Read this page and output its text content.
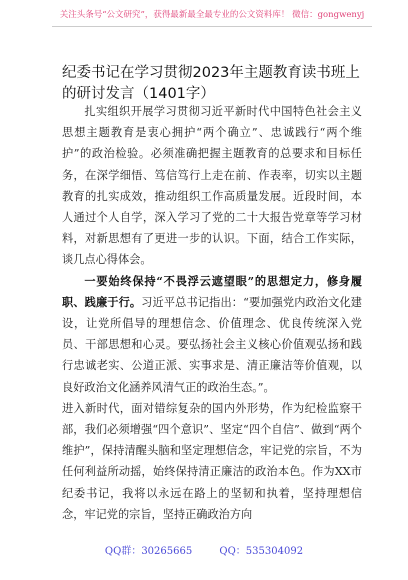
关注头条号“公文研究”，获得最新最全最专业的公文资料库！ 微信：gongwenyj
纪委书记在学习贯彻2023年主题教育读书班上的研讨发言（1401字）

扎实组织开展学习贯彻习近平新时代中国特色社会主义思想主题教育是衷心拥护“两个确立”、忠诚践行“两个维护”的政治检验。必须准确把握主题教育的总要求和目标任务，在深学细悟、笃信笃行上走在前、作表率，切实以主题教育的扎实成效，推动组织工作高质量发展。近段时间，本人通过个人自学，深入学习了党的二十大报告党章等学习材料，对新思想有了更进一步的认识。下面，结合工作实际，谈几点心得体会。

一要始终保持“不畏浮云遮望眼”的思想定力，修身履职、践廉于行。习近平总书记指出：“要加强党内政治文化建设，让党所倡导的理想信念、价值理念、优良传统深入党员、干部思想和心灵。要弘扬社会主义核心价值观弘扬和践行忠诚老实、公道正派、实事求是、清正廉洁等价值观，以良好政治文化涵养风清气正的政治生态。”。

进入新时代，面对错综复杂的国内外形势，作为纪检监察干部，我们必须增强“四个意识”、坚定“四个自信”、做到“两个维护”，保持清醒头脑和坚定理想信念，牢记党的宗旨，不为任何利益所动摇，始终保持清正廉洁的政治本色。作为XX市纪委书记，我将以永远在路上的坚韧和执着，坚持理想信念，牢记党的宗旨，坚持正确政治方向

QQ群：30265665	QQ：535304092
